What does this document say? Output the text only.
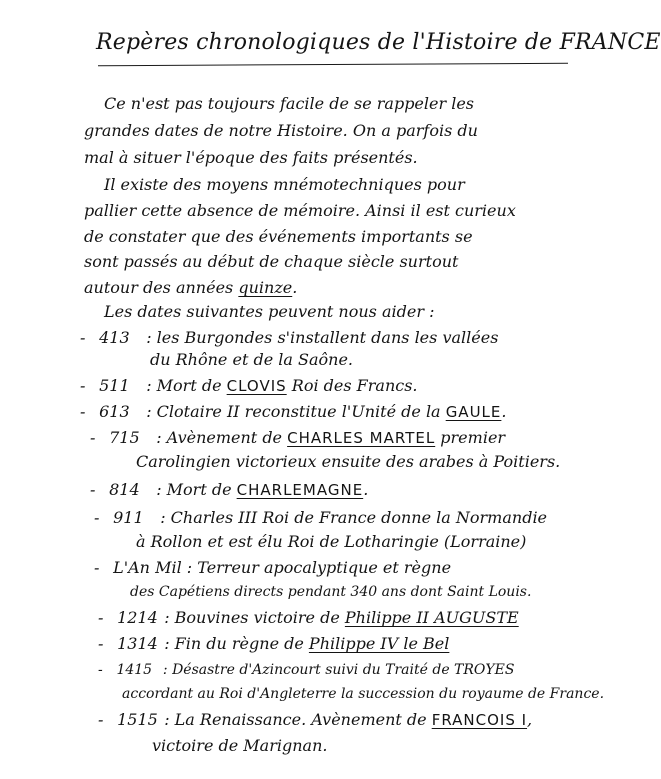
Repères chronologiques de l'Histoire de FRANCE
Ce n'est pas toujours facile de se rappeler les
grandes dates de notre Histoire. On a parfois du
mal à situer l'époque des faits présentés.
Il existe des moyens mnémotechniques pour
pallier cette absence de mémoire. Ainsi il est curieux
de constater que des événements importants se
sont passés au début de chaque siècle surtout
autour des années quinze.
Les dates suivantes peuvent nous aider :
- 413 : les Burgondes s'installent dans les vallées
du Rhône et de la Saône.
- 511 : Mort de CLOVIS Roi des Francs.
- 613 : Clotaire II reconstitue l'Unité de la GAULE.
- 715 : Avènement de CHARLES MARTEL premier
Carolingien victorieux ensuite des arabes à Poitiers.
- 814 : Mort de CHARLEMAGNE.
- 911 : Charles III Roi de France donne la Normandie
à Rollon et est élu Roi de Lotharingie (Lorraine)
- L'An Mil : Terreur apocalyptique et règne
des Capétiens directs pendant 340 ans dont Saint Louis.
- 1214 : Bouvines victoire de Philippe II AUGUSTE
- 1314 : Fin du règne de Philippe IV le Bel
- 1415 : Désastre d'Azincourt suivi du Traité de TROYES
accordant au Roi d'Angleterre la succession du royaume de France.
- 1515 : La Renaissance. Avènement de FRANCOIS I,
victoire de Marignan.
